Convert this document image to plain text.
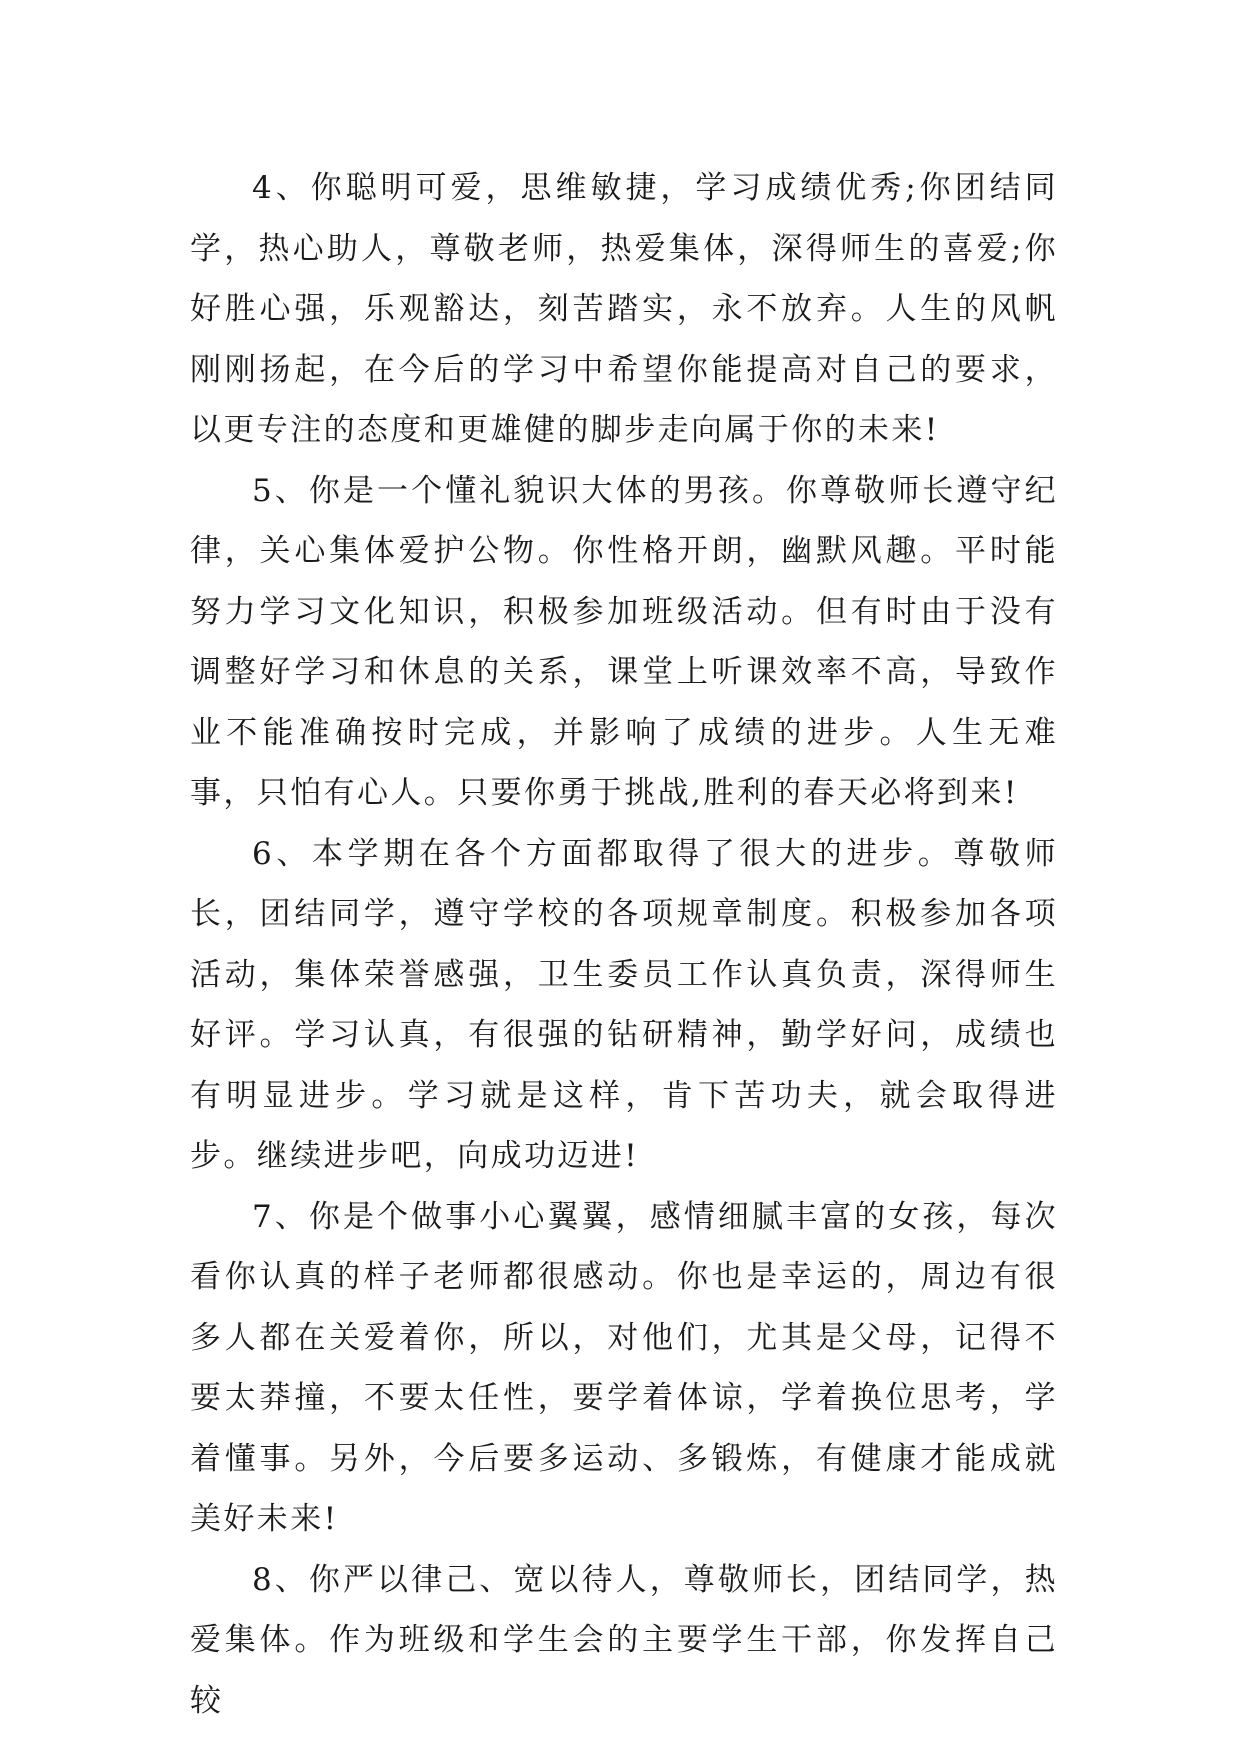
4、你聪明可爱，思维敏捷，学习成绩优秀;你团结同学，热心助人，尊敬老师，热爱集体，深得师生的喜爱;你好胜心强，乐观豁达，刻苦踏实，永不放弃。人生的风帆刚刚扬起，在今后的学习中希望你能提高对自己的要求，以更专注的态度和更雄健的脚步走向属于你的未来!

5、你是一个懂礼貌识大体的男孩。你尊敬师长遵守纪律，关心集体爱护公物。你性格开朗，幽默风趣。平时能努力学习文化知识，积极参加班级活动。但有时由于没有调整好学习和休息的关系，课堂上听课效率不高，导致作业不能准确按时完成，并影响了成绩的进步。人生无难事，只怕有心人。只要你勇于挑战,胜利的春天必将到来!

6、本学期在各个方面都取得了很大的进步。尊敬师长，团结同学，遵守学校的各项规章制度。积极参加各项活动，集体荣誉感强，卫生委员工作认真负责，深得师生好评。学习认真，有很强的钻研精神，勤学好问，成绩也有明显进步。学习就是这样，肯下苦功夫，就会取得进步。继续进步吧，向成功迈进!

7、你是个做事小心翼翼，感情细腻丰富的女孩，每次看你认真的样子老师都很感动。你也是幸运的，周边有很多人都在关爱着你，所以，对他们，尤其是父母，记得不要太莽撞，不要太任性，要学着体谅，学着换位思考，学着懂事。另外，今后要多运动、多锻炼，有健康才能成就美好未来!

8、你严以律己、宽以待人，尊敬师长，团结同学，热爱集体。作为班级和学生会的主要学生干部，你发挥自己较
